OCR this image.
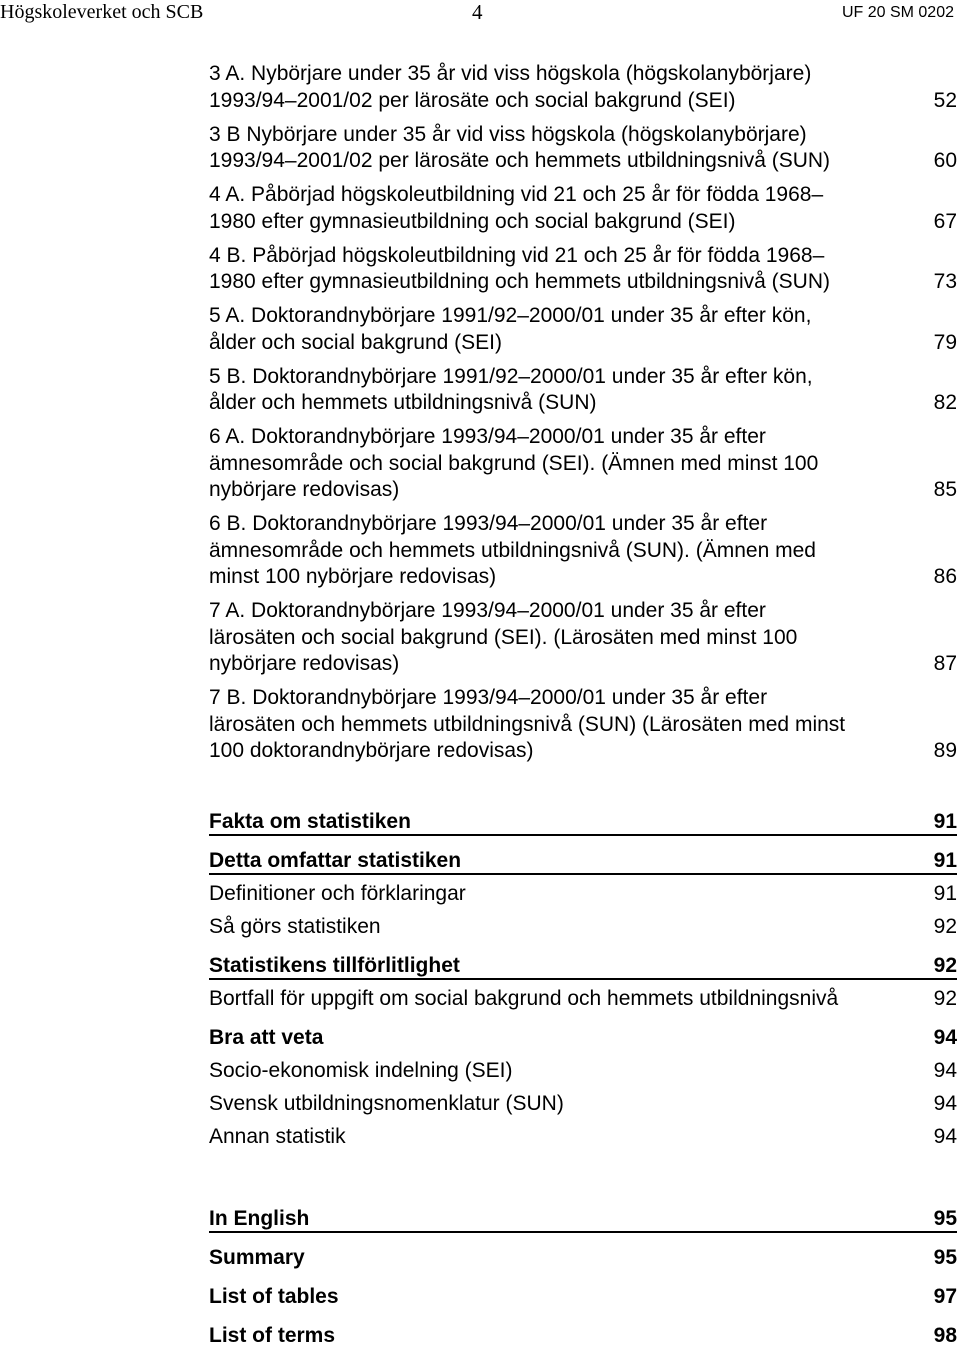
Högskoleverket och SCB	4	UF 20 SM 0202
3 A. Nybörjare under 35 år vid viss högskola (högskolanybörjare)
1993/94–2001/02 per lärosäte och social bakgrund (SEI)	52
3 B Nybörjare under 35 år vid viss högskola (högskolanybörjare)
1993/94–2001/02 per lärosäte och hemmets utbildningsnivå (SUN)	60
4 A. Påbörjad högskoleutbildning vid 21 och 25 år för födda 1968–
1980 efter gymnasieutbildning och social bakgrund (SEI)	67
4 B. Påbörjad högskoleutbildning vid 21 och 25 år för födda 1968–
1980 efter gymnasieutbildning och hemmets utbildningsnivå (SUN)	73
5 A. Doktorandnybörjare 1991/92–2000/01 under 35 år efter kön,
ålder och social bakgrund (SEI)	79
5 B. Doktorandnybörjare 1991/92–2000/01 under 35 år efter kön,
ålder och hemmets utbildningsnivå (SUN)	82
6 A. Doktorandnybörjare 1993/94–2000/01 under 35 år efter
ämnesområde och social bakgrund (SEI). (Ämnen med minst 100
nybörjare redovisas)	85
6 B. Doktorandnybörjare 1993/94–2000/01 under 35 år efter
ämnesområde och hemmets utbildningsnivå (SUN). (Ämnen med
minst 100 nybörjare redovisas)	86
7 A. Doktorandnybörjare 1993/94–2000/01 under 35 år efter
lärosäten och social bakgrund (SEI). (Lärosäten med minst 100
nybörjare redovisas)	87
7 B. Doktorandnybörjare 1993/94–2000/01 under 35 år efter
lärosäten och hemmets utbildningsnivå (SUN) (Lärosäten med minst
100 doktorandnybörjare redovisas)	89
Fakta om statistiken	91
Detta omfattar statistiken	91
Definitioner och förklaringar	91
Så görs statistiken	92
Statistikens tillförlitlighet	92
Bortfall för uppgift om social bakgrund och hemmets utbildningsnivå	92
Bra att veta	94
Socio-ekonomisk indelning (SEI)	94
Svensk utbildningsnomenklatur (SUN)	94
Annan statistik	94
In English	95
Summary	95
List of tables	97
List of terms	98
